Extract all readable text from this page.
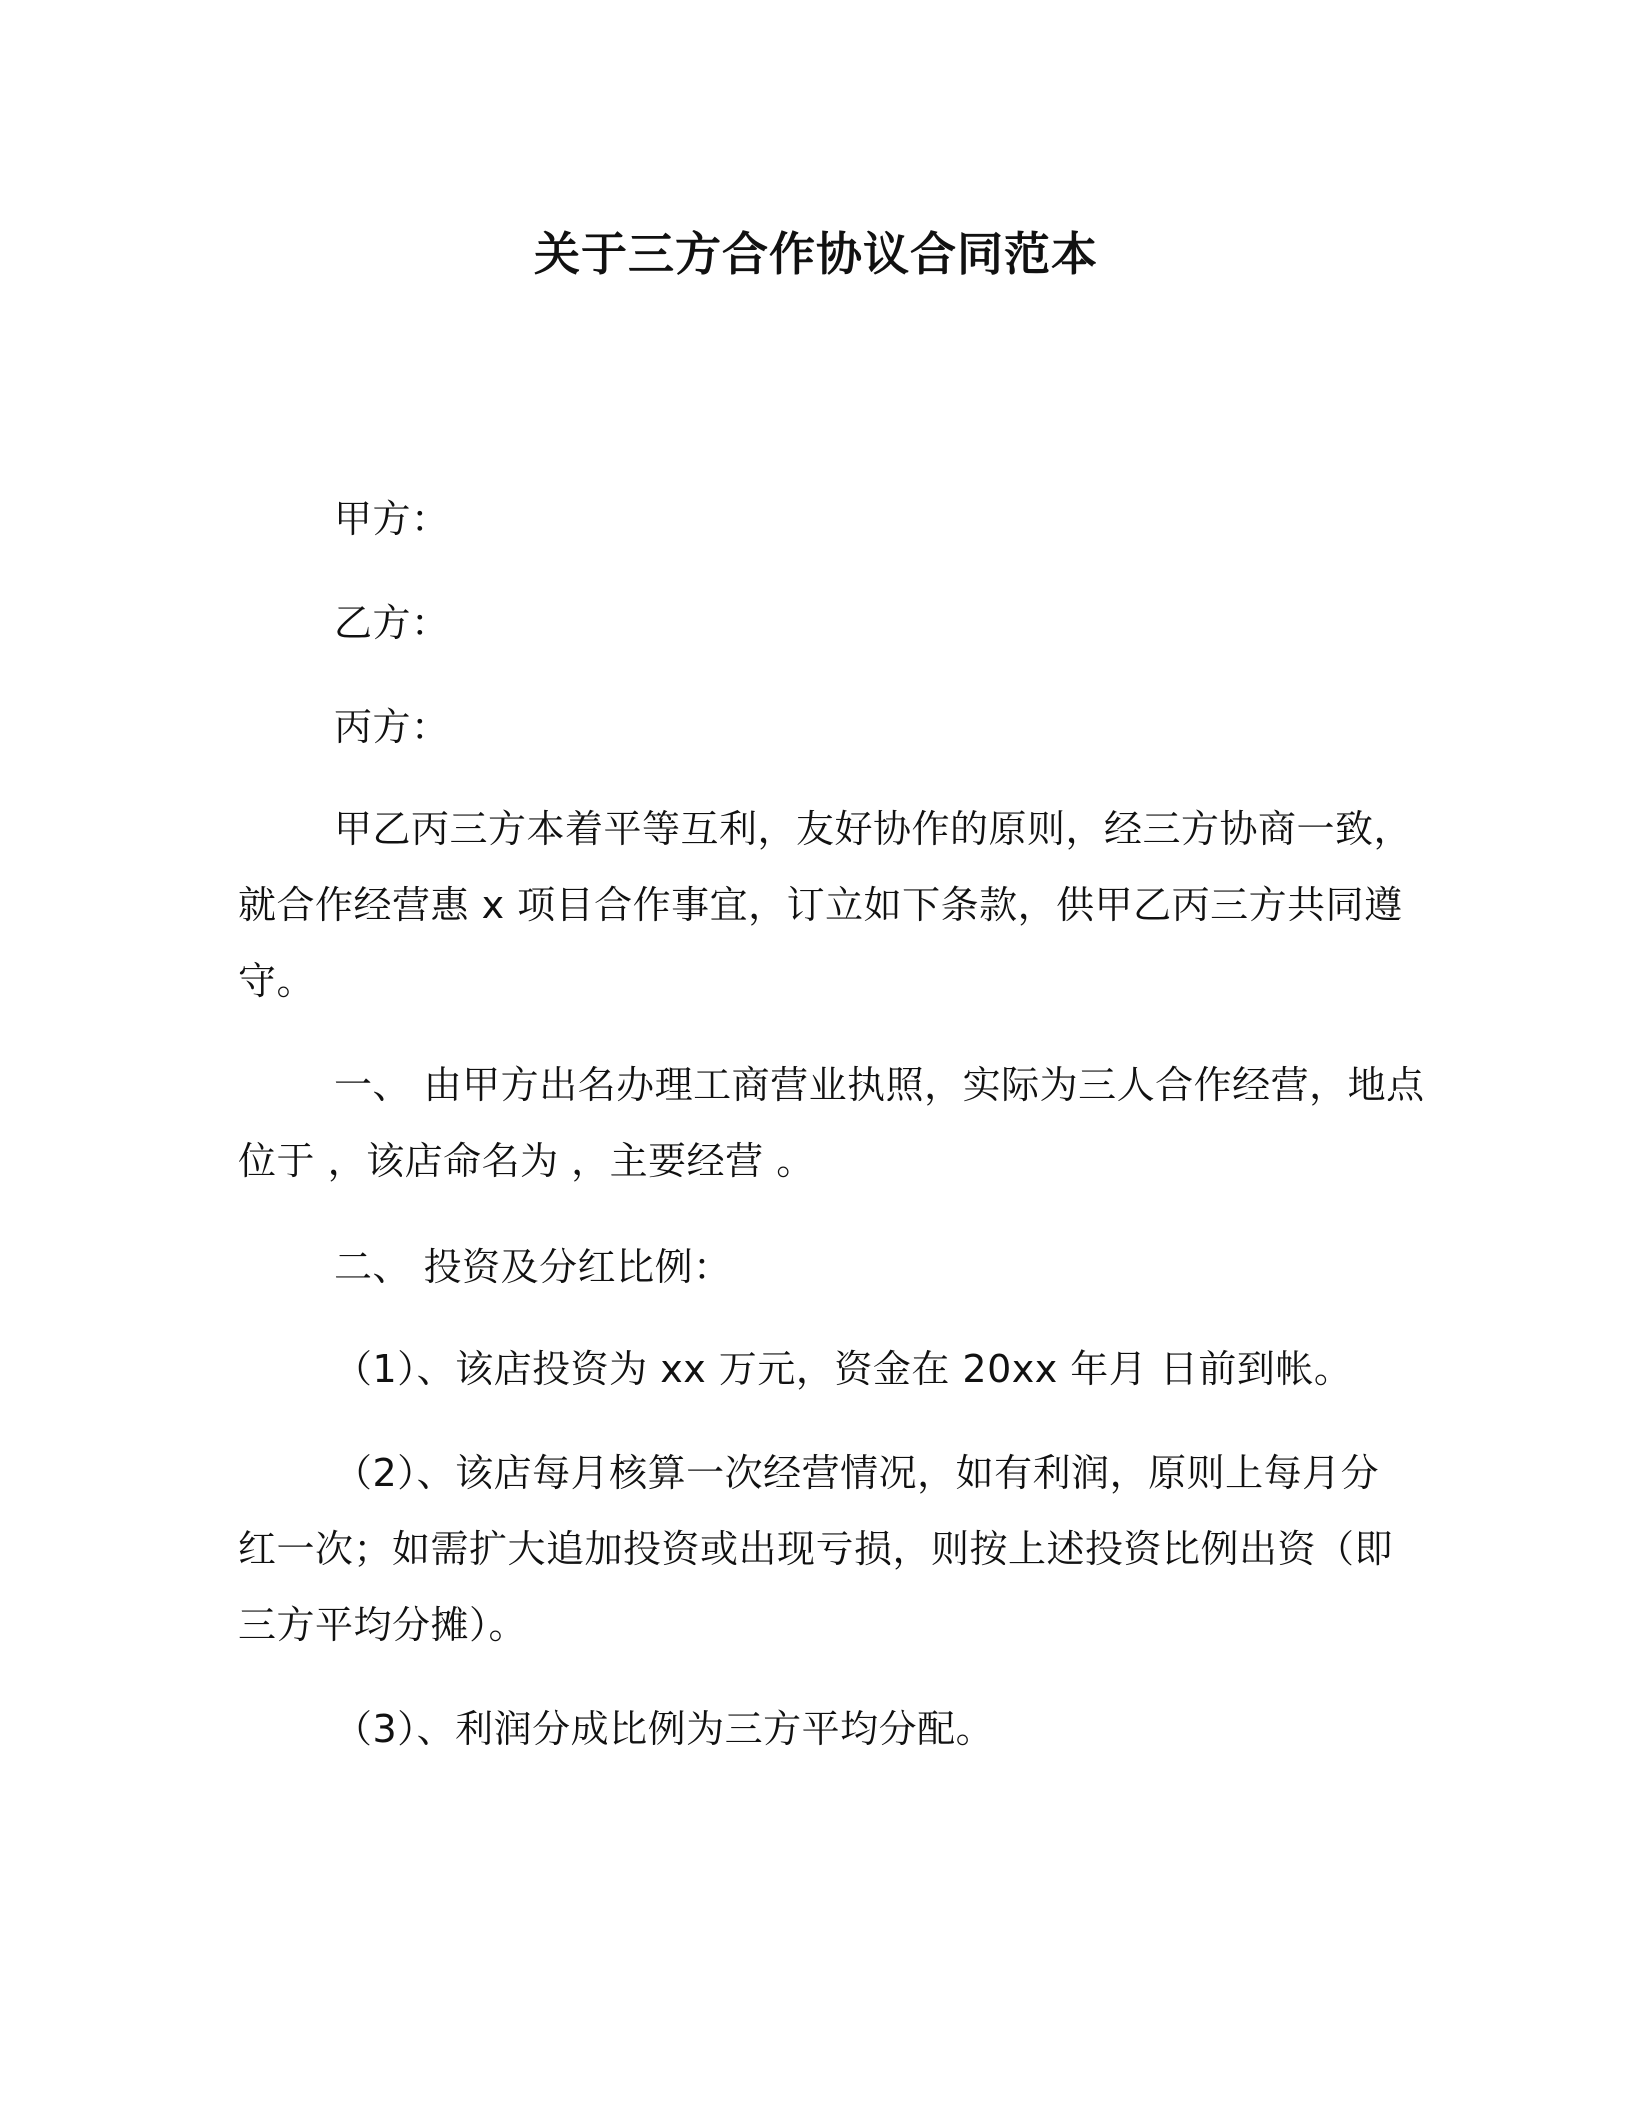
关于三方合作协议合同范本
甲方：
乙方：
丙方：
甲乙丙三方本着平等互利，友好协作的原则，经三方协商一致，
就合作经营惠 x 项目合作事宜，订立如下条款，供甲乙丙三方共同遵
守。
一、 由甲方出名办理工商营业执照，实际为三人合作经营，地点
位于 ，该店命名为 ，主要经营 。
二、 投资及分红比例：
（1）、该店投资为 xx 万元，资金在 20xx 年月 日前到帐。
（2）、该店每月核算一次经营情况，如有利润，原则上每月分
红一次；如需扩大追加投资或出现亏损，则按上述投资比例出资（即
三方平均分摊）。
（3）、利润分成比例为三方平均分配。
